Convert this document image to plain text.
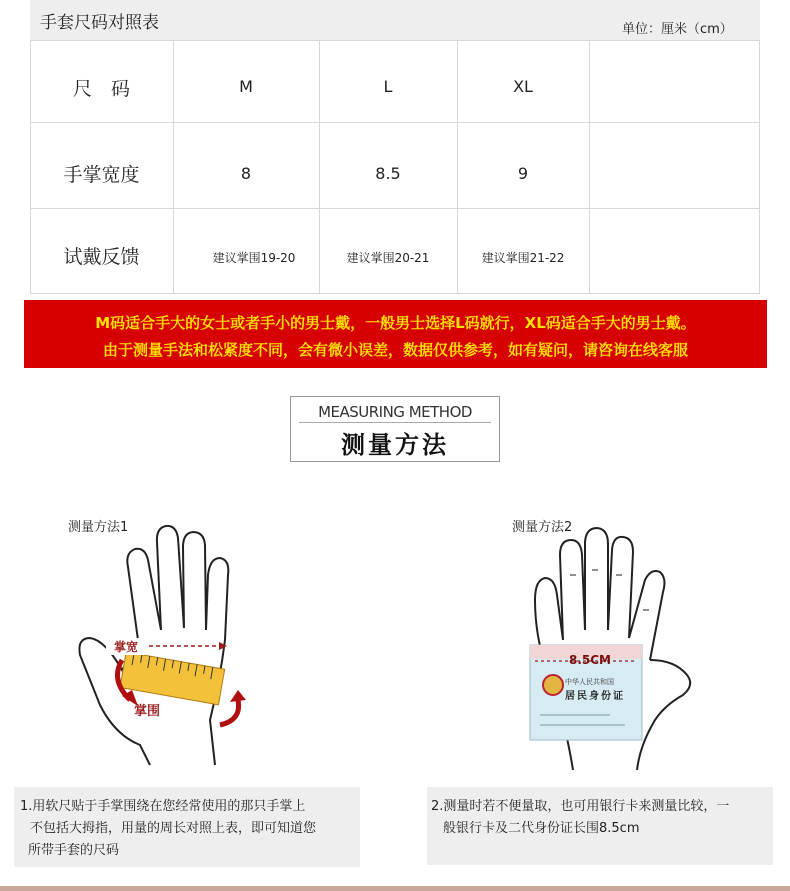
手套尺码对照表	单位：厘米（cm）
尺　码	M	L	XL
手掌宽度	8	8.5	9
试戴反馈	建议掌围19-20	建议掌围20-21	建议掌围21-22
M码适合手大的女士或者手小的男士戴，一般男士选择L码就行，XL码适合手大的男士戴。
由于测量手法和松紧度不同，会有微小误差，数据仅供参考，如有疑问，请咨询在线客服
MEASURING METHOD
测量方法
测量方法1
掌宽
掌围
测量方法2
8.5CM
中华人民共和国
居民身份证
1.用软尺贴于手掌围绕在您经常使用的那只手掌上
不包括大拇指，用量的周长对照上表，即可知道您
所带手套的尺码
2.测量时若不便量取，也可用银行卡来测量比较，一
般银行卡及二代身份证长围8.5cm
